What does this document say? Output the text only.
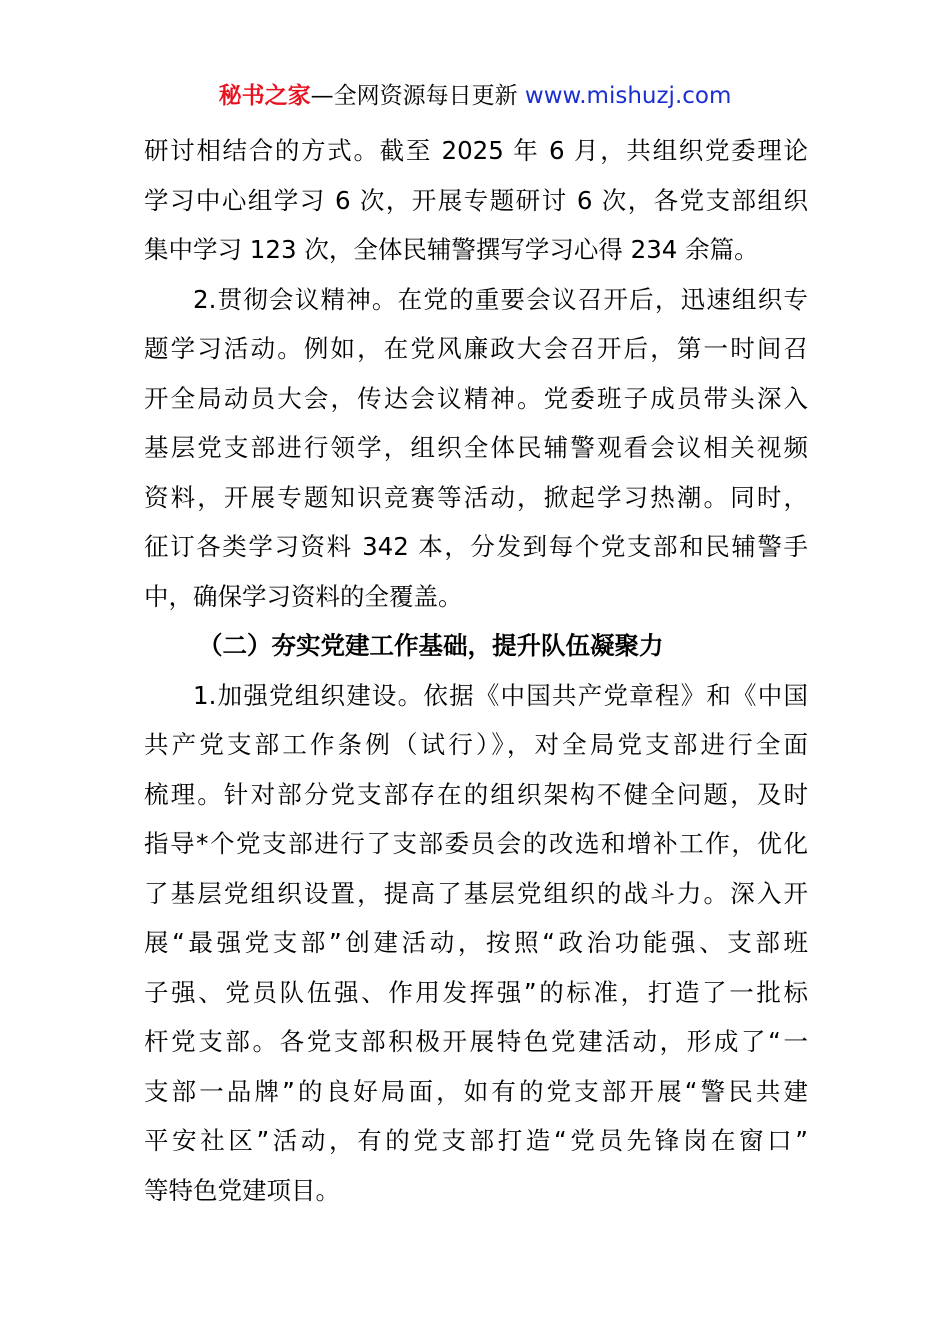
秘书之家—全网资源每日更新 www.mishuzj.com
研讨相结合的方式。截至 2025 年 6 月，共组织党委理论
学习中心组学习 6 次，开展专题研讨 6 次，各党支部组织
集中学习 123 次，全体民辅警撰写学习心得 234 余篇。
2.贯彻会议精神。在党的重要会议召开后，迅速组织专
题学习活动。例如，在党风廉政大会召开后，第一时间召
开全局动员大会，传达会议精神。党委班子成员带头深入
基层党支部进行领学，组织全体民辅警观看会议相关视频
资料，开展专题知识竞赛等活动，掀起学习热潮。同时，
征订各类学习资料 342 本，分发到每个党支部和民辅警手
中，确保学习资料的全覆盖。
（二）夯实党建工作基础，提升队伍凝聚力
1.加强党组织建设。依据《中国共产党章程》和《中国
共产党支部工作条例（试行）》，对全局党支部进行全面
梳理。针对部分党支部存在的组织架构不健全问题，及时
指导*个党支部进行了支部委员会的改选和增补工作，优化
了基层党组织设置，提高了基层党组织的战斗力。深入开
展“最强党支部”创建活动，按照“政治功能强、支部班
子强、党员队伍强、作用发挥强”的标准，打造了一批标
杆党支部。各党支部积极开展特色党建活动，形成了“一
支部一品牌”的良好局面，如有的党支部开展“警民共建
平安社区”活动，有的党支部打造“党员先锋岗在窗口”
等特色党建项目。
